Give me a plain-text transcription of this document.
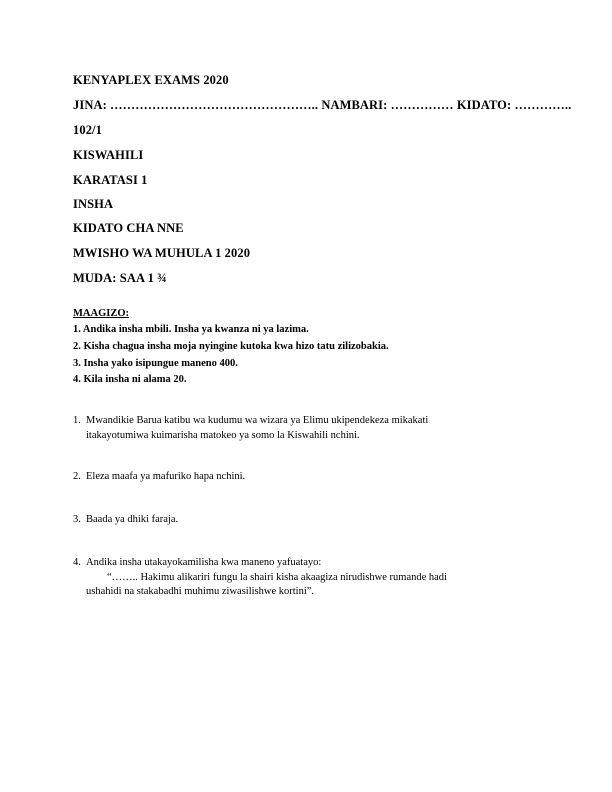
KENYAPLEX EXAMS 2020
JINA: ………………………………………….. NAMBARI: …………… KIDATO: …………..
102/1
KISWAHILI
KARATASI 1
INSHA
KIDATO CHA NNE
MWISHO WA MUHULA 1 2020
MUDA: SAA 1 ¾
MAAGIZO:
1. Andika insha mbili. Insha ya kwanza ni ya lazima.
2. Kisha chagua insha moja nyingine kutoka kwa hizo tatu zilizobakia.
3. Insha yako isipungue maneno 400.
4. Kila insha ni alama 20.
1. Mwandikie Barua katibu wa kudumu wa wizara ya Elimu ukipendekeza mikakati
itakayotumiwa kuimarisha matokeo ya somo la Kiswahili nchini.
2. Eleza maafa ya mafuriko hapa nchini.
3. Baada ya dhiki faraja.
4. Andika insha utakayokamilisha kwa maneno yafuatayo:
“…….. Hakimu alikariri fungu la shairi kisha akaagiza nirudishwe rumande hadi
ushahidi na stakabadhi muhimu ziwasilishwe kortini”.
